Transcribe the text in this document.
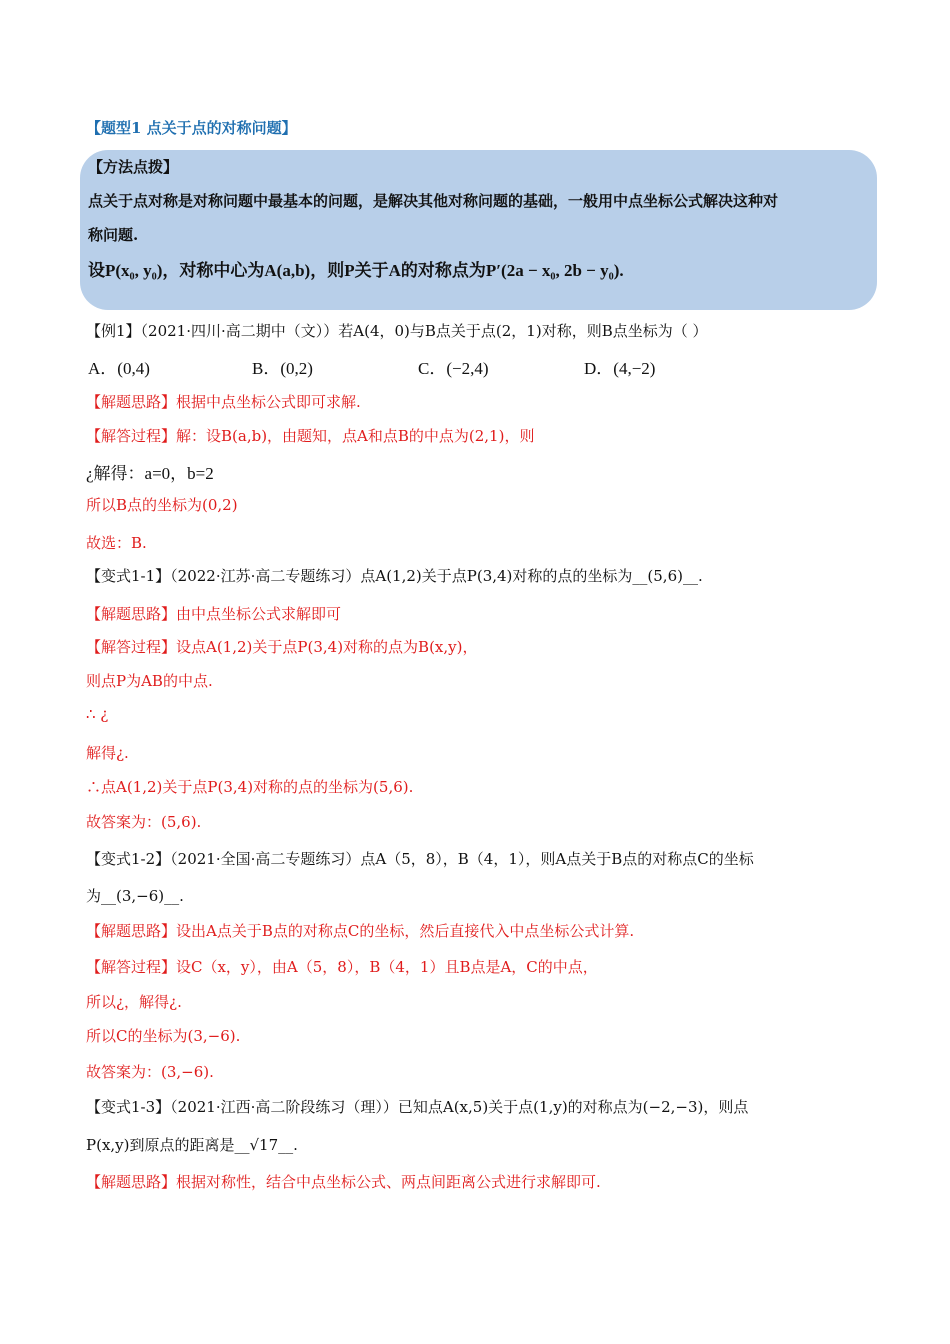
【题型1 点关于点的对称问题】
【方法点拨】
点关于点对称是对称问题中最基本的问题，是解决其他对称问题的基础，一般用中点坐标公式解决这种对
称问题.
设P(x₀, y₀)，对称中心为A(a,b)，则P关于A的对称点为P′(2a − x₀, 2b − y₀).
【例1】（2021·四川·高二期中（文））若A(4，0)与B点关于点(2，1)对称，则B点坐标为（ ）
A．(0,4)	B．(0,2)	C．(−2,4)	D．(4,−2)
【解题思路】根据中点坐标公式即可求解.
【解答过程】解：设B(a,b)，由题知，点A和点B的中点为(2,1)，则
¿解得：a=0，b=2
所以B点的坐标为(0,2)
故选：B.
【变式1-1】（2022·江苏·高二专题练习）点A(1,2)关于点P(3,4)对称的点的坐标为__(5,6)__.
【解题思路】由中点坐标公式求解即可
【解答过程】设点A(1,2)关于点P(3,4)对称的点为B(x,y)，
则点P为AB的中点.
∴ ¿
解得¿.
∴点A(1,2)关于点P(3,4)对称的点的坐标为(5,6).
故答案为：(5,6).
【变式1-2】（2021·全国·高二专题练习）点A（5，8），B（4，1），则A点关于B点的对称点C的坐标
为__(3,−6)__.
【解题思路】设出A点关于B点的对称点C的坐标，然后直接代入中点坐标公式计算.
【解答过程】设C（x，y），由A（5，8），B（4，1）且B点是A，C的中点，
所以¿，解得¿.
所以C的坐标为(3,−6).
故答案为：(3,−6).
【变式1-3】（2021·江西·高二阶段练习（理））已知点A(x,5)关于点(1,y)的对称点为(−2,−3)，则点
P(x,y)到原点的距离是__√17__.
【解题思路】根据对称性，结合中点坐标公式、两点间距离公式进行求解即可.
